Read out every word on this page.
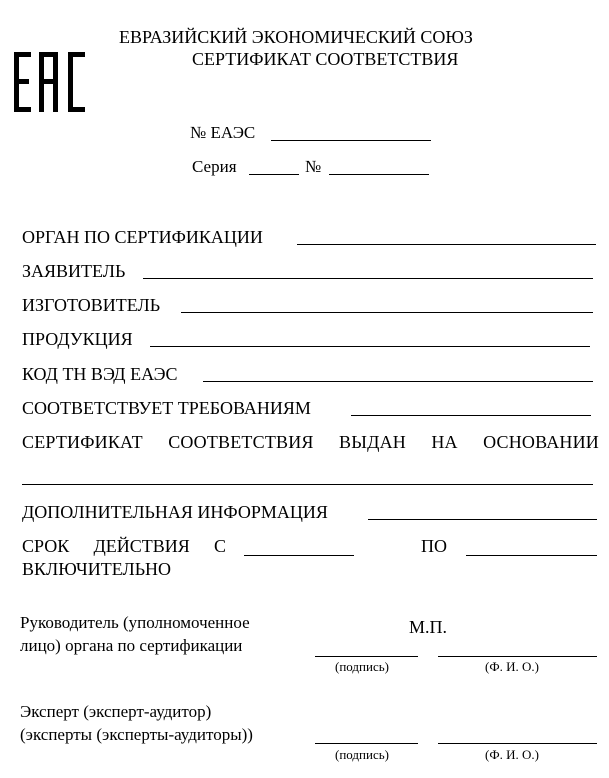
ЕВРАЗИЙСКИЙ ЭКОНОМИЧЕСКИЙ СОЮЗ
СЕРТИФИКАТ СООТВЕТСТВИЯ
№ ЕАЭС
Серия	№
ОРГАН ПО СЕРТИФИКАЦИИ
ЗАЯВИТЕЛЬ
ИЗГОТОВИТЕЛЬ
ПРОДУКЦИЯ
КОД ТН ВЭД ЕАЭС
СООТВЕТСТВУЕТ ТРЕБОВАНИЯМ
СЕРТИФИКАТ СООТВЕТСТВИЯ ВЫДАН НА ОСНОВАНИИ
ДОПОЛНИТЕЛЬНАЯ ИНФОРМАЦИЯ
СРОК ДЕЙСТВИЯ С	ПО
ВКЛЮЧИТЕЛЬНО
Руководитель (уполномоченное
лицо) органа по сертификации
М.П.
(подпись)	(Ф. И. О.)
Эксперт (эксперт-аудитор)
(эксперты (эксперты-аудиторы))
(подпись)	(Ф. И. О.)
